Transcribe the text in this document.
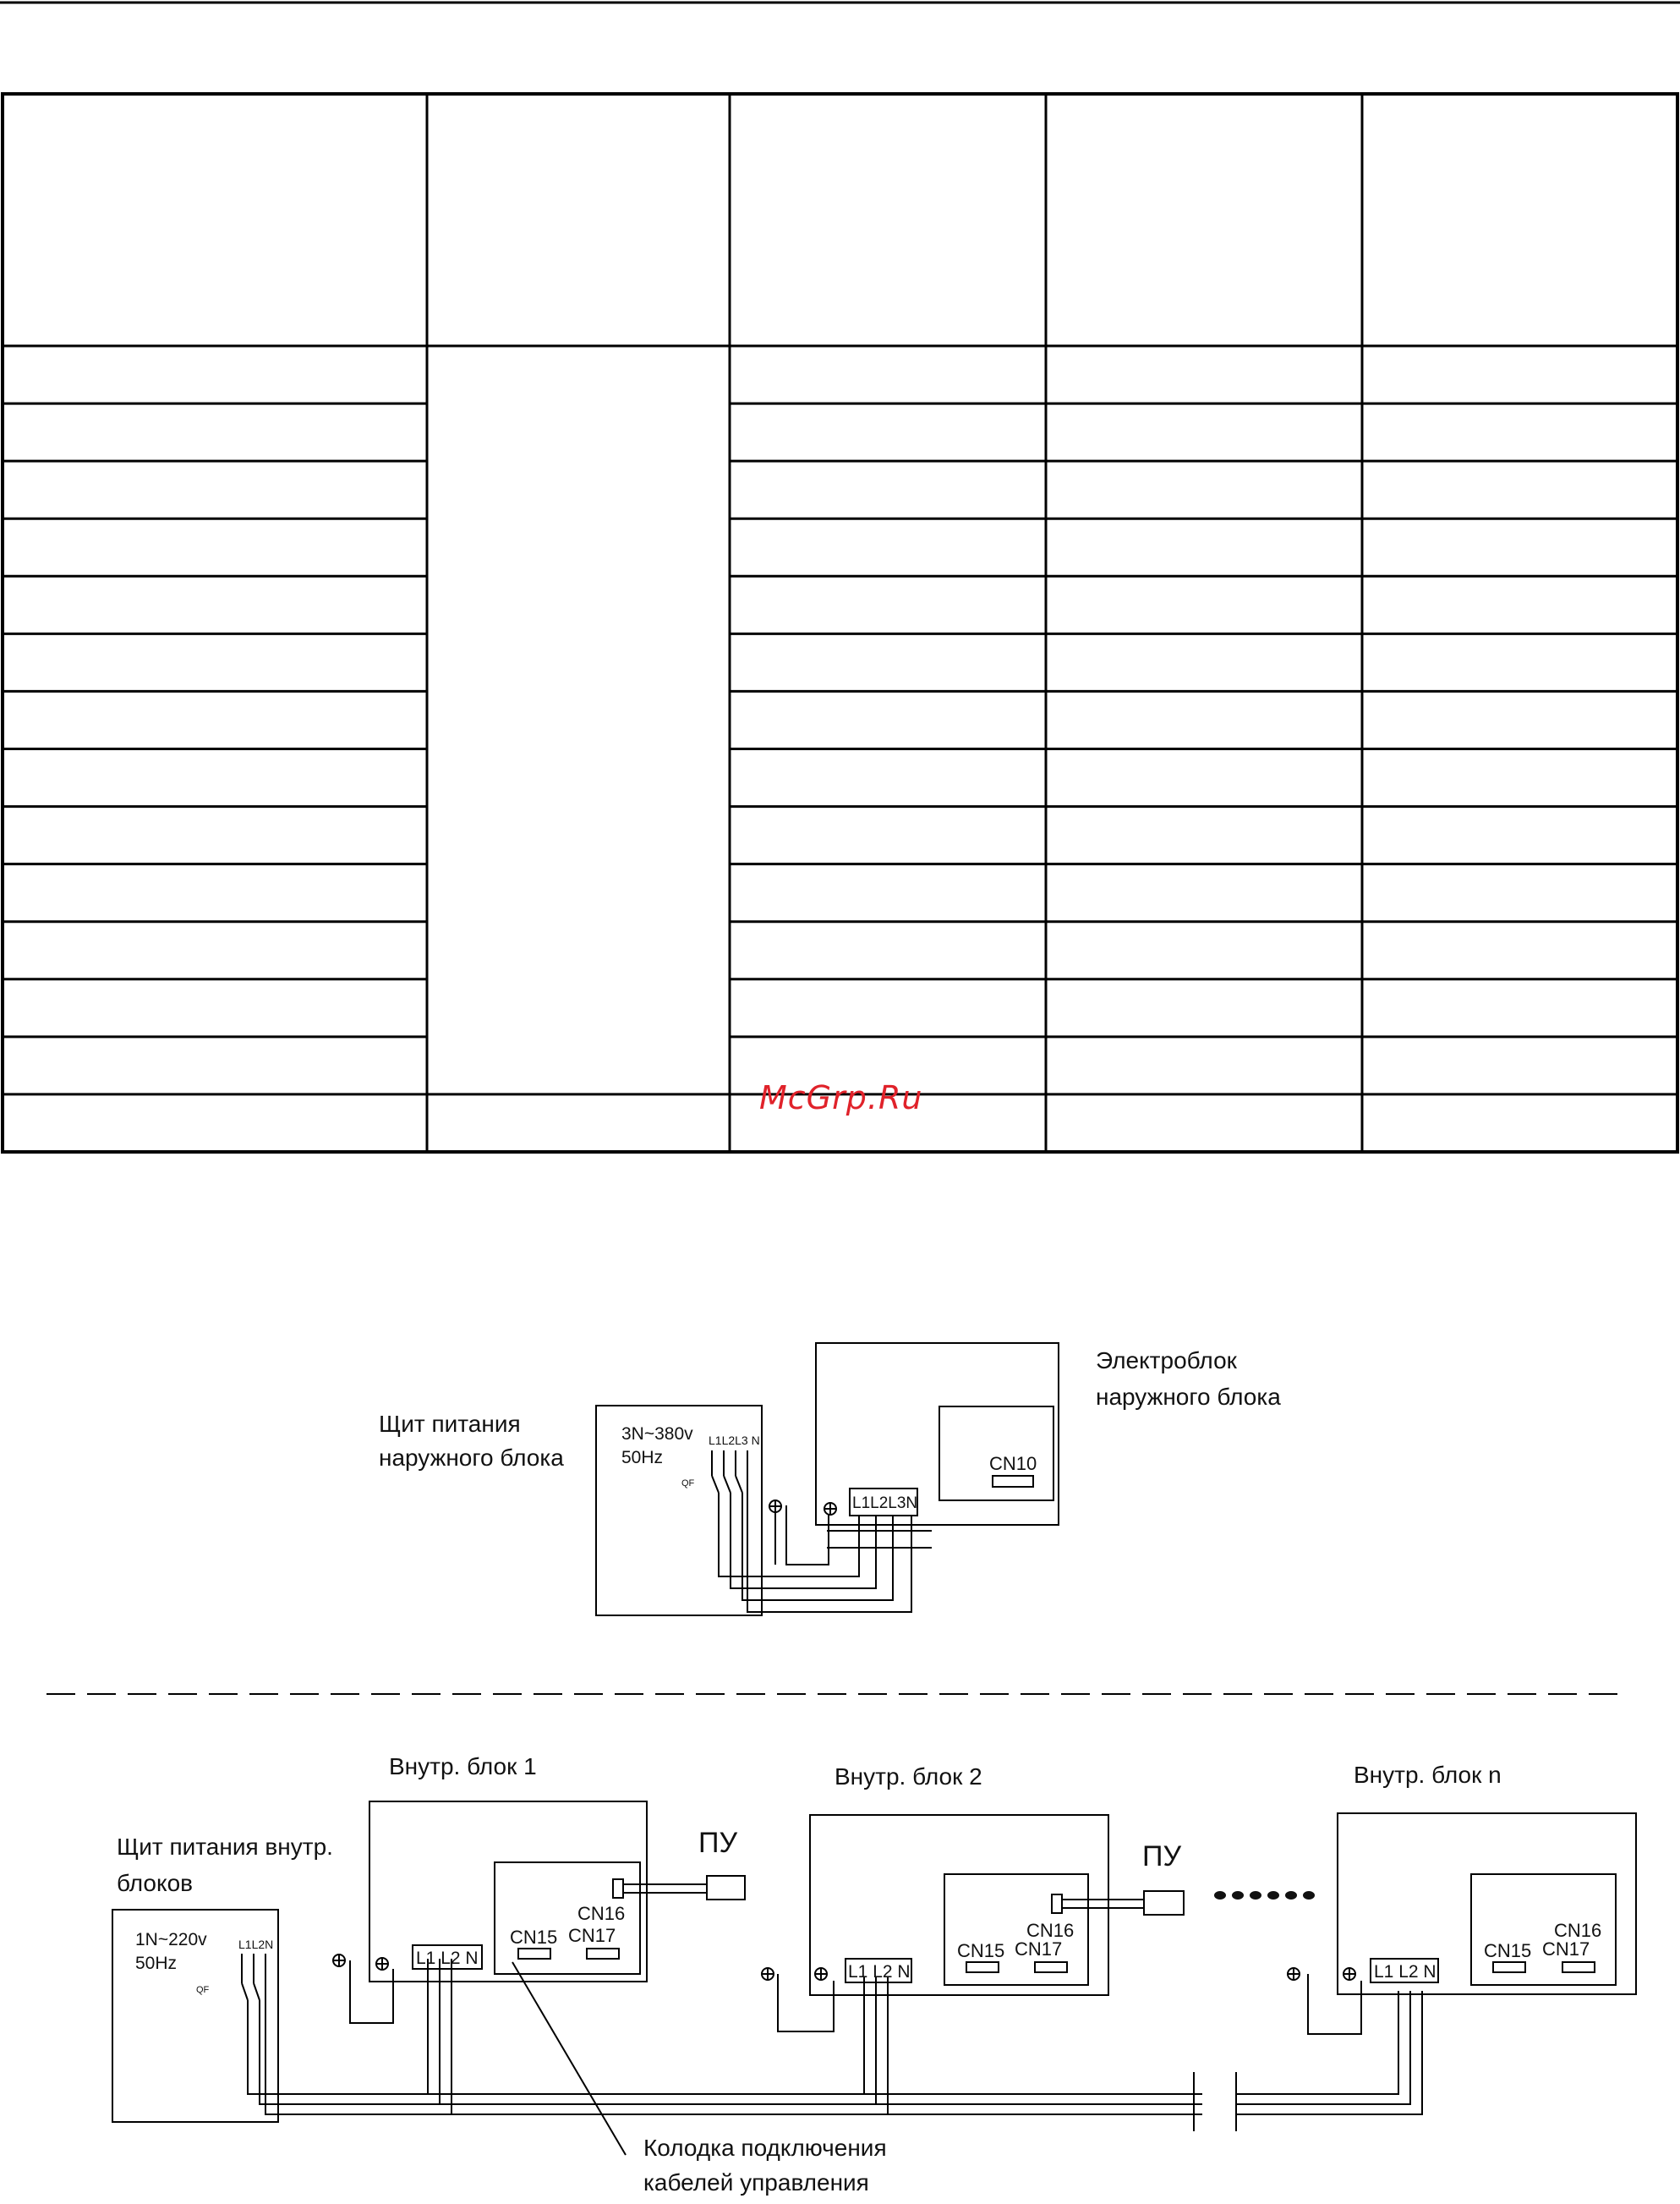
Щит питания
наружного блока
3N~380v
50Hz
L1L2L3 N
QF
Электроблок
наружного блока
CN10
L1L2L3N
Щит питания внутр.
блоков
1N~220v
50Hz
L1L2N
QF
Внутр. блок 1
L1 L2 N
CN16
CN15 CN17
ПУ
Внутр. блок 2
L1 L2 N
CN16
CN15 CN17
ПУ
Внутр. блок n
L1 L2 N
CN16
CN15 CN17
Колодка подключения
кабелей управления
McGrp.Ru
